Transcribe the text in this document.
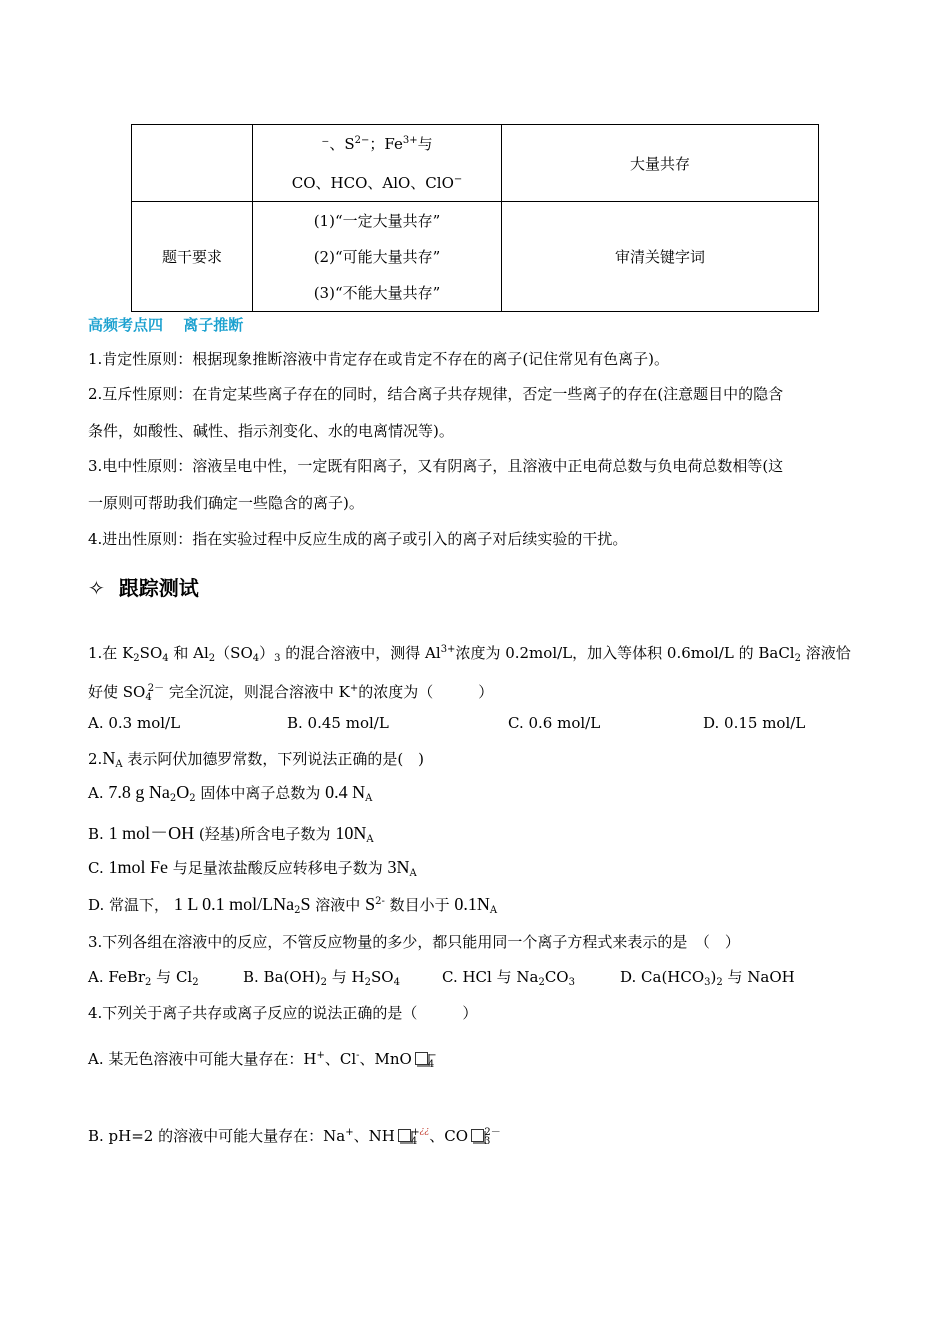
	⁻、$S^{2-}$；$Fe^{3+}$与
CO、HCO、AlO、ClO−	大量共存
题干要求	(1)“一定大量共存”
(2)“可能大量共存”
(3)“不能大量共存”	审清关键字词
高频考点四　 离子推断
1.肯定性原则：根据现象推断溶液中肯定存在或肯定不存在的离子(记住常见有色离子)。
2.互斥性原则：在肯定某些离子存在的同时，结合离子共存规律，否定一些离子的存在(注意题目中的隐含
条件，如酸性、碱性、指示剂变化、水的电离情况等)。
3.电中性原则：溶液呈电中性，一定既有阳离子，又有阴离子，且溶液中正电荷总数与负电荷总数相等(这
一原则可帮助我们确定一些隐含的离子)。
4.进出性原则：指在实验过程中反应生成的离子或引入的离子对后续实验的干扰。
✧ 跟踪测试
1.在 $K_2SO_4$ 和 $Al_2(SO_4)_3$ 的混合溶液中，测得 $Al^{3+}$浓度为 0.2mol/L，加入等体积 0.6mol/L 的 BaCl$_2$ 溶液恰
好使 $SO_4^{2-}$ 完全沉淀，则混合溶液中 K+的浓度为（　　　）
A. 0.3 mol/L	B. 0.45 mol/L	C. 0.6 mol/L	D. 0.15 mol/L
$2.N_A$ 表示阿伏加德罗常数，下列说法正确的是(　)
A. 7.8 g $Na_2O_2$ 固体中离子总数为 0.4 $N_A$
B. 1 mol－OH (羟基)所含电子数为 $10N_A$
C. 1mol Fe 与足量浓盐酸反应转移电子数为 $3N_A$
D. 常温下， 1 L 0.1 mol/LNa$_2$S 溶液中 $S^{2-}$ 数目小于 $0.1N_A$
3.下列各组在溶液中的反应，不管反应物量的多少，都只能用同一个离子方程式来表示的是　（　）
A. FeBr$_2$ 与 $Cl_2$	B. $Ba(OH)_2$ 与 $H_2SO_4$	C. HCl 与 $Na_2CO_3$	D. $Ca(HCO_3)_2$ 与 NaOH
4.下列关于离子共存或离子反应的说法正确的是（　　　）
A. 某无色溶液中可能大量存在：H+、Cl-、MnO $_4$−
B. pH=2 的溶液中可能大量存在：Na+、NH $_4$+¿¿、CO $_3^{2-}$
